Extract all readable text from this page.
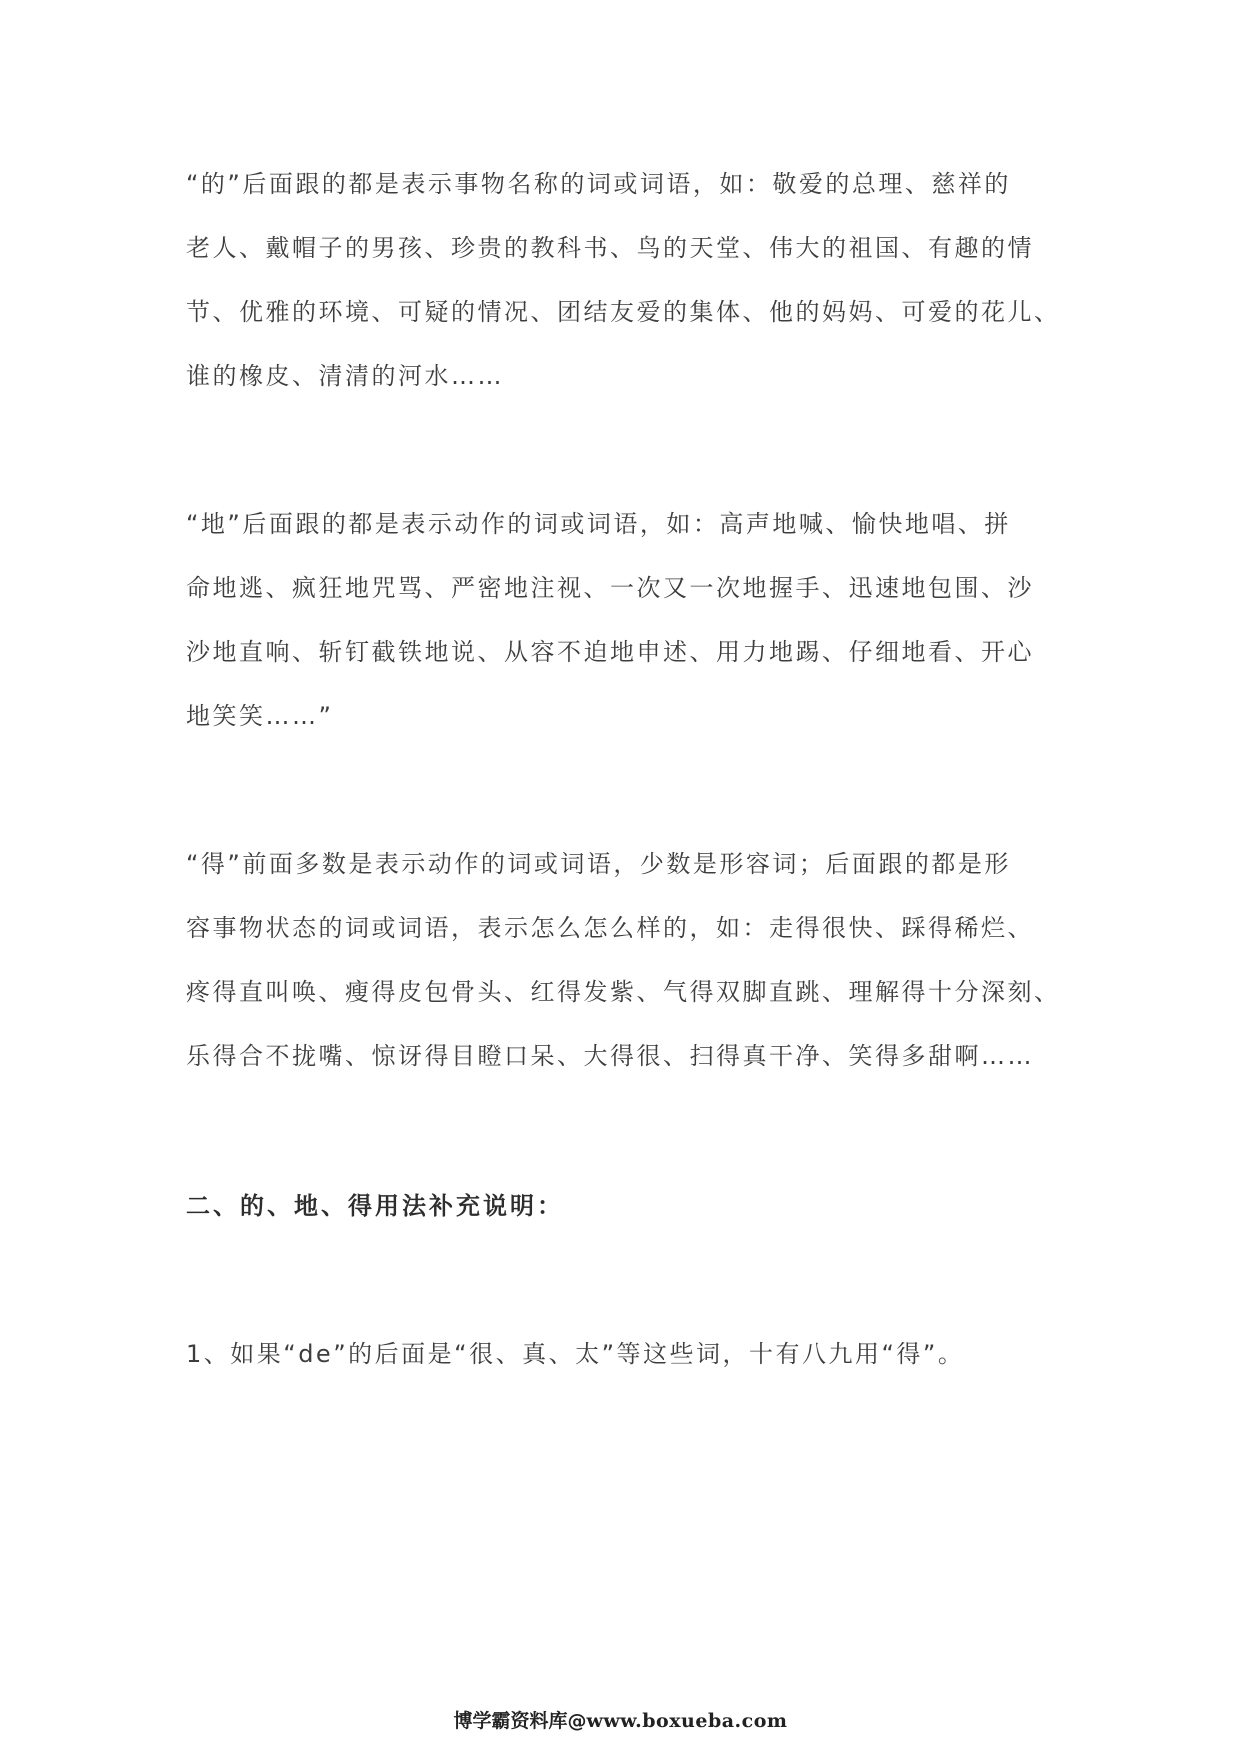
“的”后面跟的都是表示事物名称的词或词语，如：敬爱的总理、慈祥的
老人、戴帽子的男孩、珍贵的教科书、鸟的天堂、伟大的祖国、有趣的情
节、优雅的环境、可疑的情况、团结友爱的集体、他的妈妈、可爱的花儿、
谁的橡皮、清清的河水……
“地”后面跟的都是表示动作的词或词语，如：高声地喊、愉快地唱、拼
命地逃、疯狂地咒骂、严密地注视、一次又一次地握手、迅速地包围、沙
沙地直响、斩钉截铁地说、从容不迫地申述、用力地踢、仔细地看、开心
地笑笑……”
“得”前面多数是表示动作的词或词语，少数是形容词；后面跟的都是形
容事物状态的词或词语，表示怎么怎么样的，如：走得很快、踩得稀烂、
疼得直叫唤、瘦得皮包骨头、红得发紫、气得双脚直跳、理解得十分深刻、
乐得合不拢嘴、惊讶得目瞪口呆、大得很、扫得真干净、笑得多甜啊……
二、的、地、得用法补充说明：

1、如果“de”的后面是“很、真、太”等这些词，十有八九用“得”。

博学霸资料库@www.boxueba.com
